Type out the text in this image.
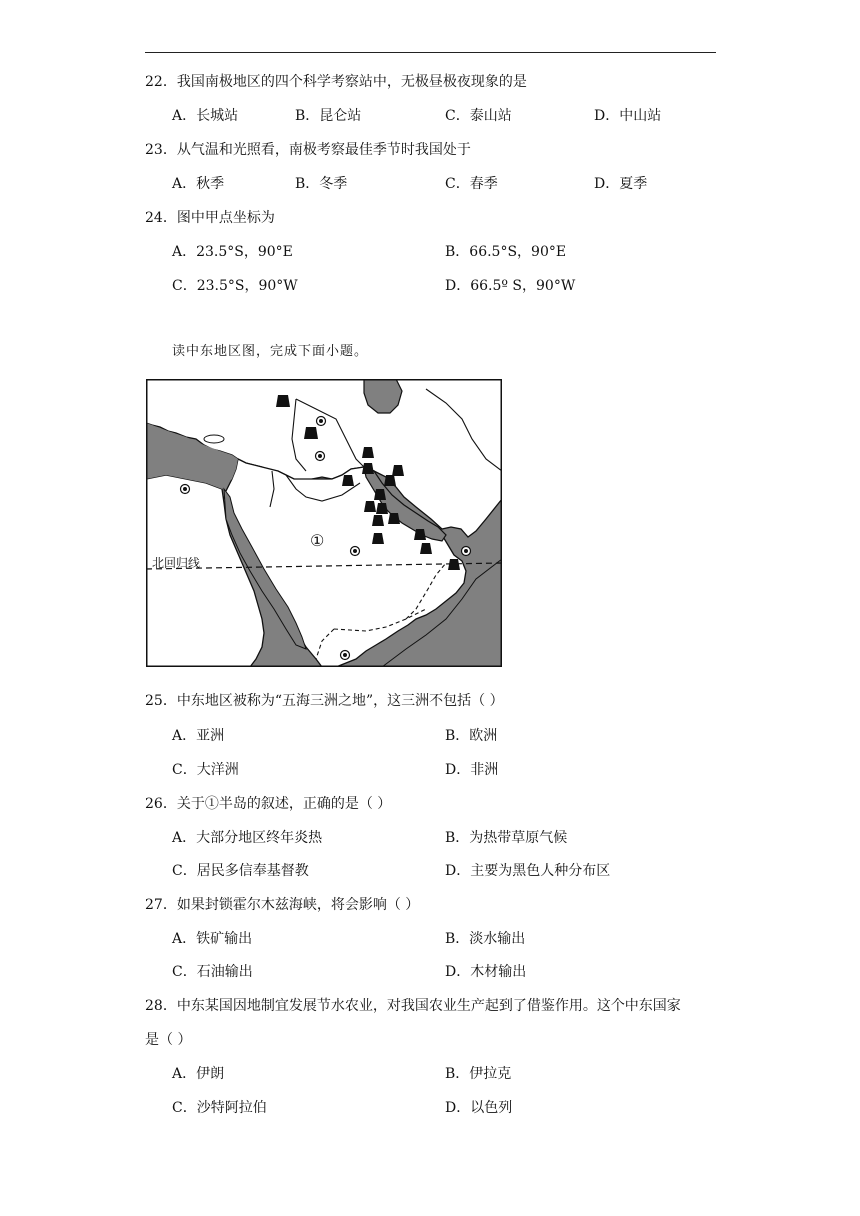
22．我国南极地区的四个科学考察站中，无极昼极夜现象的是
A．长城站	B．昆仑站	C．泰山站	D．中山站
23．从气温和光照看，南极考察最佳季节时我国处于
A．秋季	B．冬季	C．春季	D．夏季
24．图中甲点坐标为
A．23.5°S，90°E	B．66.5°S，90°E
C．23.5°S，90°W	D．66.5º S，90°W
读中东地区图，完成下面小题。
北回归线
①
25．中东地区被称为“五海三洲之地”，这三洲不包括（ ）
A．亚洲	B．欧洲
C．大洋洲	D．非洲
26．关于①半岛的叙述，正确的是（ ）
A．大部分地区终年炎热	B．为热带草原气候
C．居民多信奉基督教	D．主要为黑色人种分布区
27．如果封锁霍尔木兹海峡，将会影响（ ）
A．铁矿输出	B．淡水输出
C．石油输出	D．木材输出
28．中东某国因地制宜发展节水农业，对我国农业生产起到了借鉴作用。这个中东国家
是（ ）
A．伊朗	B．伊拉克
C．沙特阿拉伯	D．以色列
